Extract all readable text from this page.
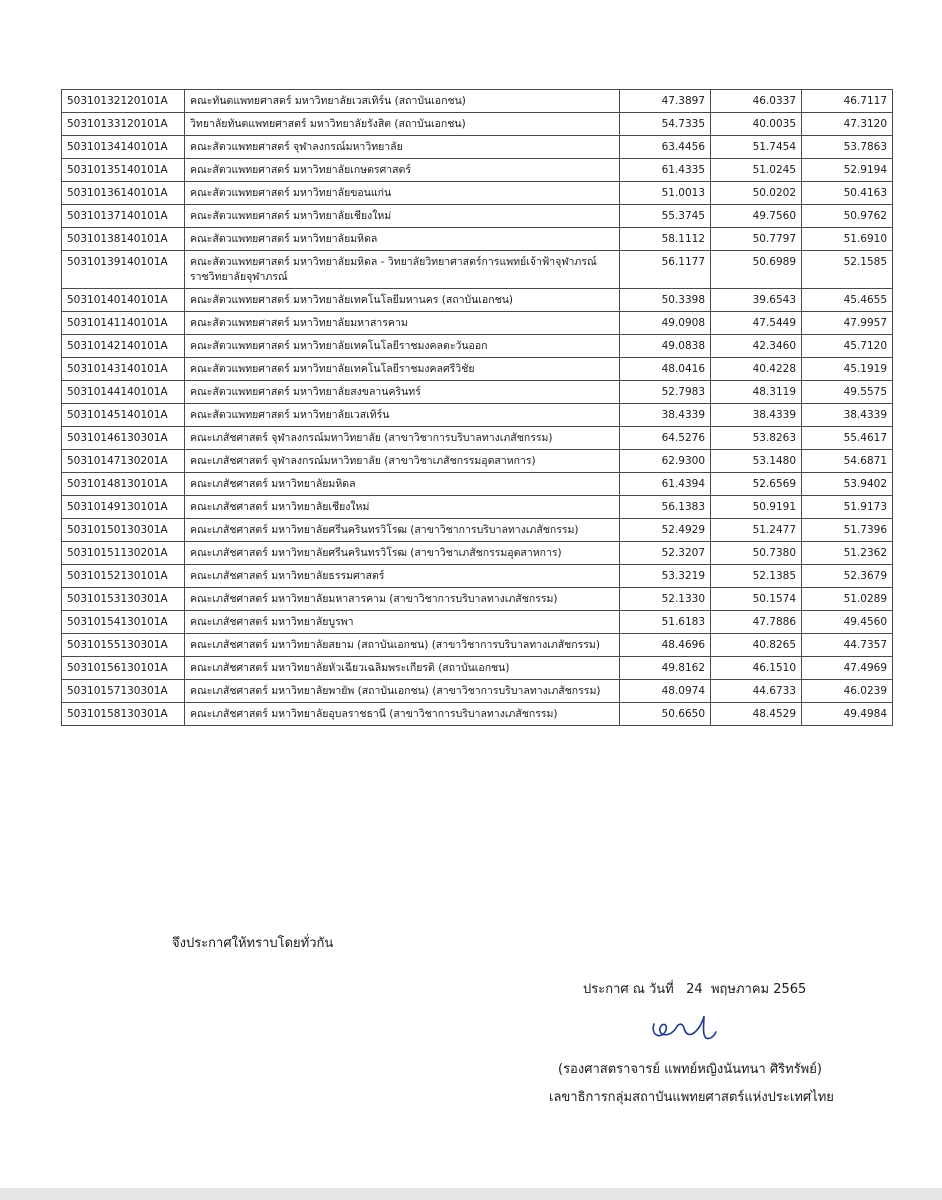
50310132120101A	คณะทันตแพทยศาสตร์ มหาวิทยาลัยเวสเทิร์น (สถาบันเอกชน)	47.3897	46.0337	46.7117
50310133120101A	วิทยาลัยทันตแพทยศาสตร์ มหาวิทยาลัยรังสิต (สถาบันเอกชน)	54.7335	40.0035	47.3120
50310134140101A	คณะสัตวแพทยศาสตร์ จุฬาลงกรณ์มหาวิทยาลัย	63.4456	51.7454	53.7863
50310135140101A	คณะสัตวแพทยศาสตร์ มหาวิทยาลัยเกษตรศาสตร์	61.4335	51.0245	52.9194
50310136140101A	คณะสัตวแพทยศาสตร์ มหาวิทยาลัยขอนแก่น	51.0013	50.0202	50.4163
50310137140101A	คณะสัตวแพทยศาสตร์ มหาวิทยาลัยเชียงใหม่	55.3745	49.7560	50.9762
50310138140101A	คณะสัตวแพทยศาสตร์ มหาวิทยาลัยมหิดล	58.1112	50.7797	51.6910
50310139140101A	คณะสัตวแพทยศาสตร์ มหาวิทยาลัยมหิดล - วิทยาลัยวิทยาศาสตร์การแพทย์เจ้าฟ้าจุฬาภรณ์ ราชวิทยาลัยจุฬาภรณ์	56.1177	50.6989	52.1585
50310140140101A	คณะสัตวแพทยศาสตร์ มหาวิทยาลัยเทคโนโลยีมหานคร (สถาบันเอกชน)	50.3398	39.6543	45.4655
50310141140101A	คณะสัตวแพทยศาสตร์ มหาวิทยาลัยมหาสารคาม	49.0908	47.5449	47.9957
50310142140101A	คณะสัตวแพทยศาสตร์ มหาวิทยาลัยเทคโนโลยีราชมงคลตะวันออก	49.0838	42.3460	45.7120
50310143140101A	คณะสัตวแพทยศาสตร์ มหาวิทยาลัยเทคโนโลยีราชมงคลศรีวิชัย	48.0416	40.4228	45.1919
50310144140101A	คณะสัตวแพทยศาสตร์ มหาวิทยาลัยสงขลานครินทร์	52.7983	48.3119	49.5575
50310145140101A	คณะสัตวแพทยศาสตร์ มหาวิทยาลัยเวสเทิร์น	38.4339	38.4339	38.4339
50310146130301A	คณะเภสัชศาสตร์ จุฬาลงกรณ์มหาวิทยาลัย (สาขาวิชาการบริบาลทางเภสัชกรรม)	64.5276	53.8263	55.4617
50310147130201A	คณะเภสัชศาสตร์ จุฬาลงกรณ์มหาวิทยาลัย (สาขาวิชาเภสัชกรรมอุตสาหการ)	62.9300	53.1480	54.6871
50310148130101A	คณะเภสัชศาสตร์ มหาวิทยาลัยมหิดล	61.4394	52.6569	53.9402
50310149130101A	คณะเภสัชศาสตร์ มหาวิทยาลัยเชียงใหม่	56.1383	50.9191	51.9173
50310150130301A	คณะเภสัชศาสตร์ มหาวิทยาลัยศรีนครินทรวิโรฒ (สาขาวิชาการบริบาลทางเภสัชกรรม)	52.4929	51.2477	51.7396
50310151130201A	คณะเภสัชศาสตร์ มหาวิทยาลัยศรีนครินทรวิโรฒ (สาขาวิชาเภสัชกรรมอุตสาหการ)	52.3207	50.7380	51.2362
50310152130101A	คณะเภสัชศาสตร์ มหาวิทยาลัยธรรมศาสตร์	53.3219	52.1385	52.3679
50310153130301A	คณะเภสัชศาสตร์ มหาวิทยาลัยมหาสารคาม (สาขาวิชาการบริบาลทางเภสัชกรรม)	52.1330	50.1574	51.0289
50310154130101A	คณะเภสัชศาสตร์ มหาวิทยาลัยบูรพา	51.6183	47.7886	49.4560
50310155130301A	คณะเภสัชศาสตร์ มหาวิทยาลัยสยาม (สถาบันเอกชน) (สาขาวิชาการบริบาลทางเภสัชกรรม)	48.4696	40.8265	44.7357
50310156130101A	คณะเภสัชศาสตร์ มหาวิทยาลัยหัวเฉียวเฉลิมพระเกียรติ (สถาบันเอกชน)	49.8162	46.1510	47.4969
50310157130301A	คณะเภสัชศาสตร์ มหาวิทยาลัยพายัพ (สถาบันเอกชน) (สาขาวิชาการบริบาลทางเภสัชกรรม)	48.0974	44.6733	46.0239
50310158130301A	คณะเภสัชศาสตร์ มหาวิทยาลัยอุบลราชธานี (สาขาวิชาการบริบาลทางเภสัชกรรม)	50.6650	48.4529	49.4984
จึงประกาศให้ทราบโดยทั่วกัน
ประกาศ ณ วันที่ 24 พฤษภาคม 2565
(รองศาสตราจารย์ แพทย์หญิงนันทนา ศิริทรัพย์)
เลขาธิการกลุ่มสถาบันแพทยศาสตร์แห่งประเทศไทย
